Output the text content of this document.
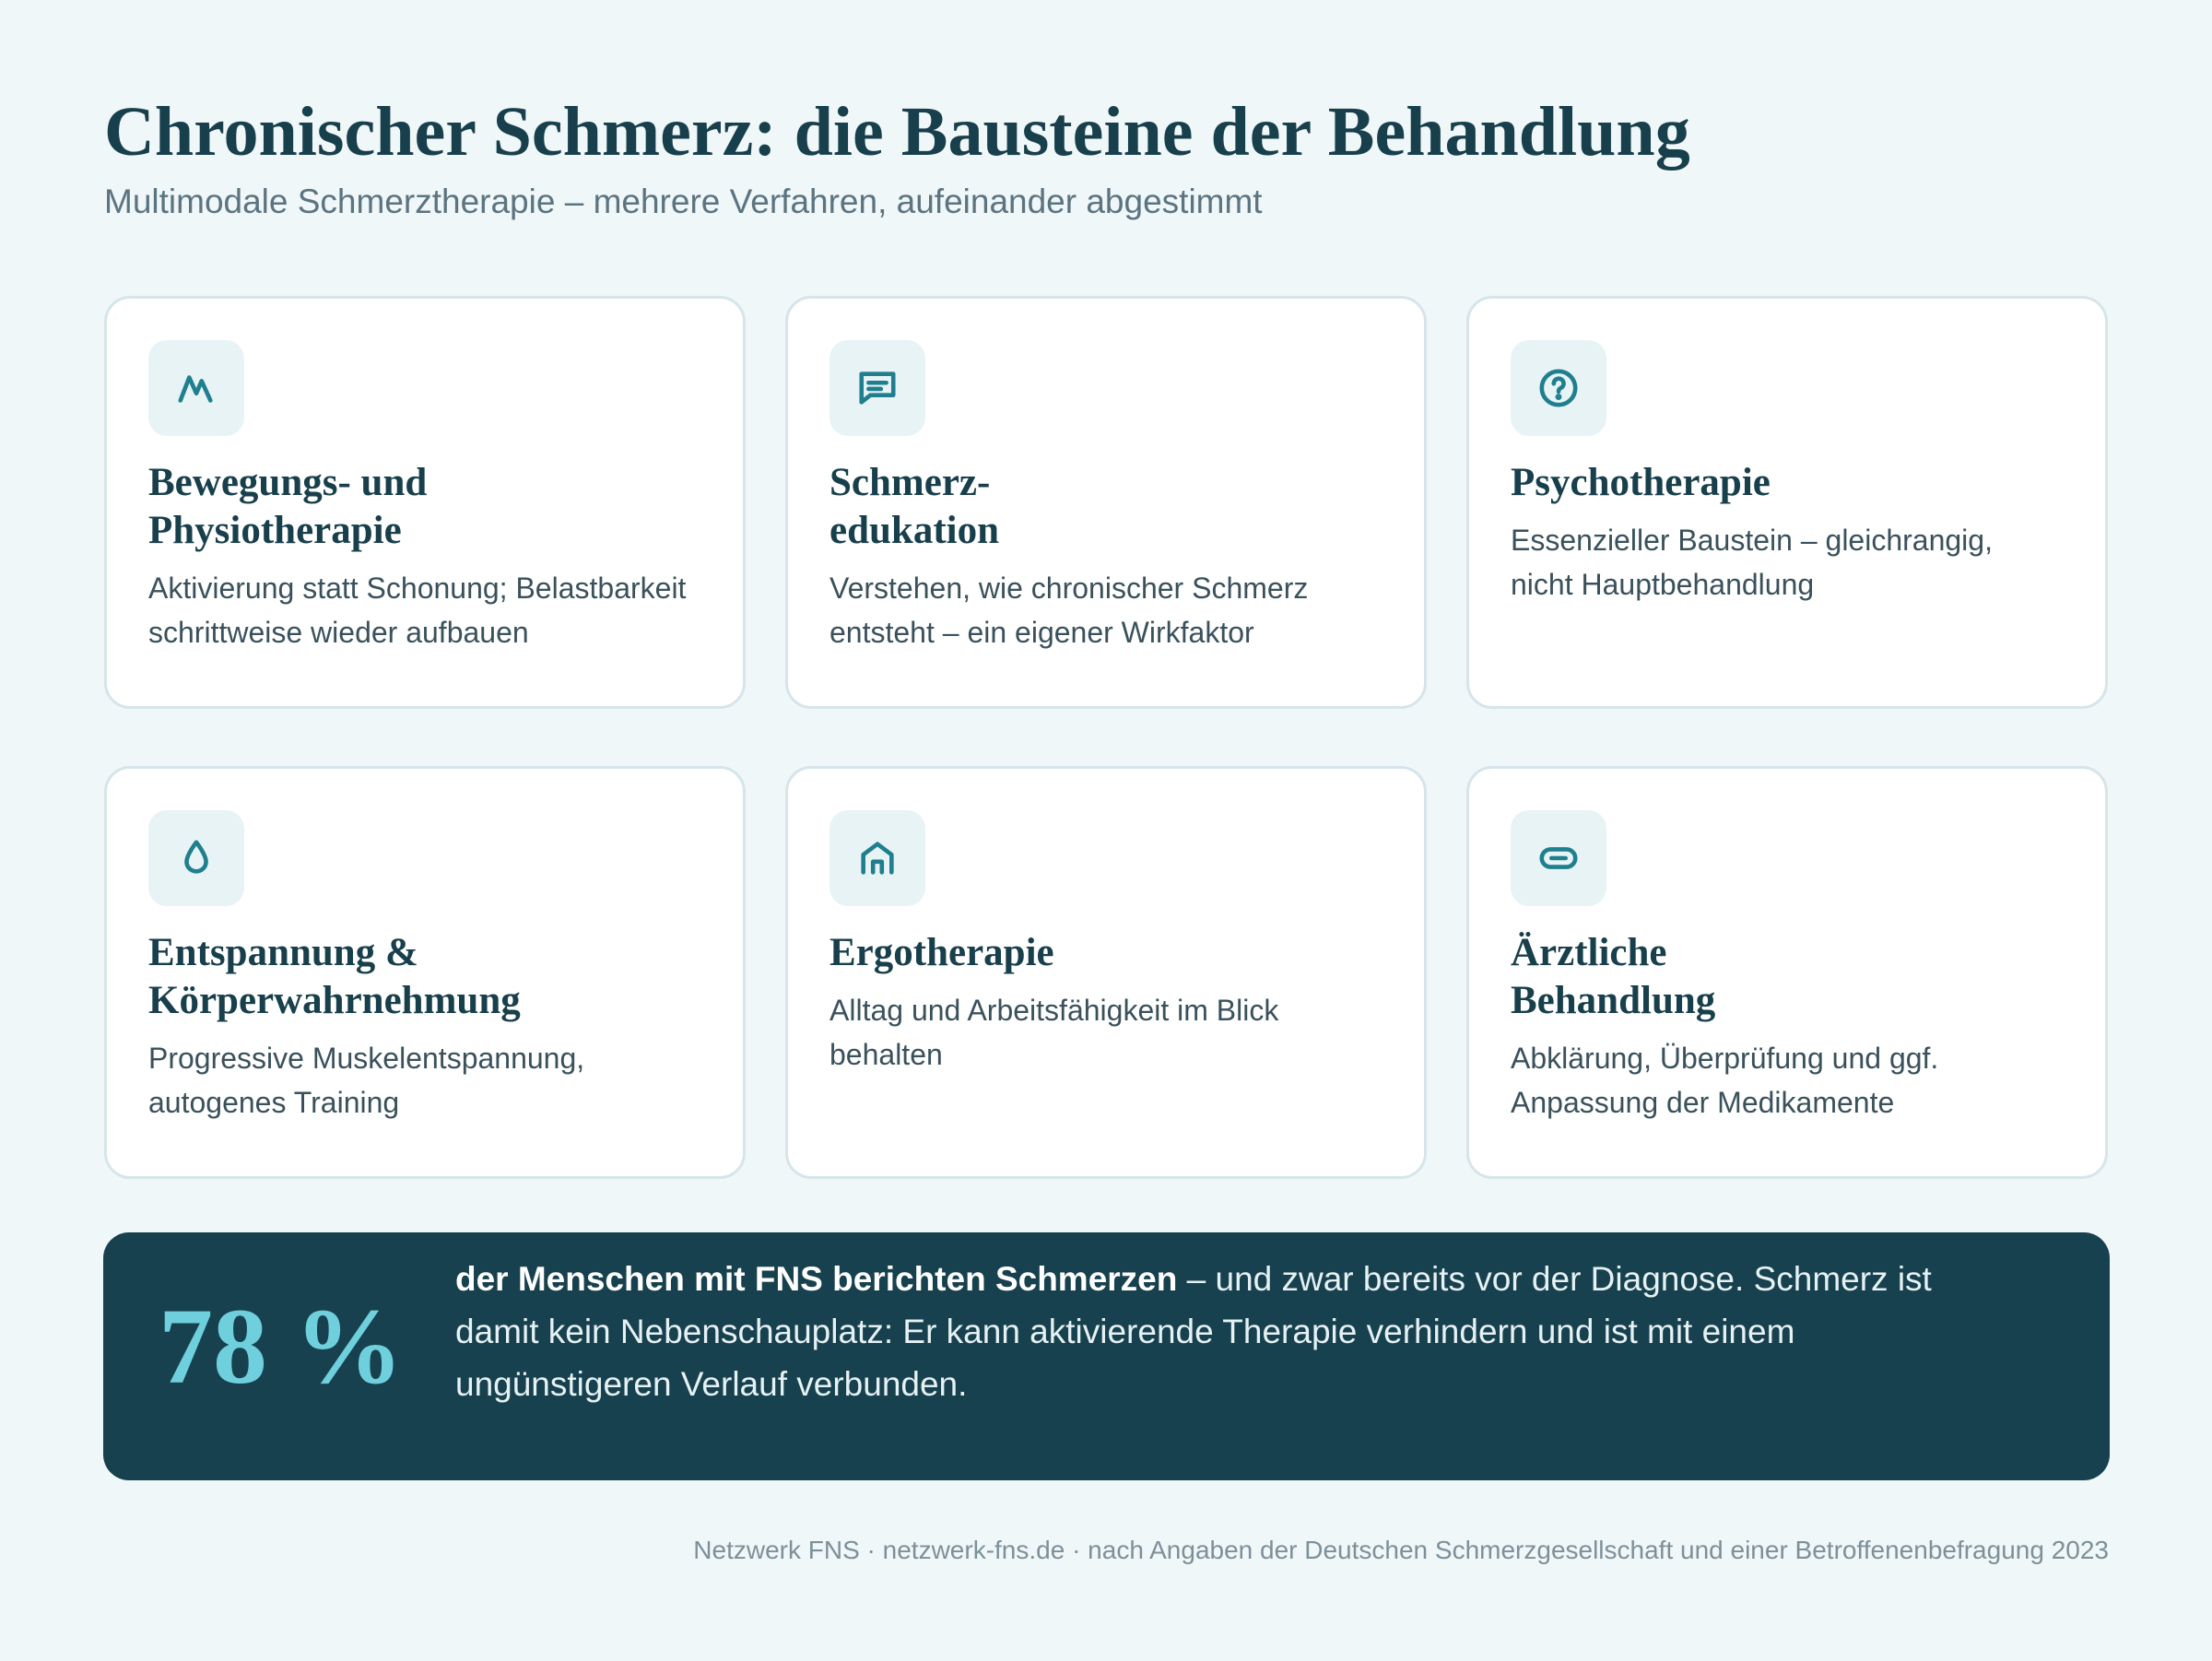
Chronischer Schmerz: die Bausteine der Behandlung
Multimodale Schmerztherapie – mehrere Verfahren, aufeinander abgestimmt
Bewegungs- und
Physiotherapie
Aktivierung statt Schonung; Belastbarkeit
schrittweise wieder aufbauen
Schmerz-
edukation
Verstehen, wie chronischer Schmerz
entsteht – ein eigener Wirkfaktor
Psychotherapie
Essenzieller Baustein – gleichrangig,
nicht Hauptbehandlung
Entspannung &
Körperwahrnehmung
Progressive Muskelentspannung,
autogenes Training
Ergotherapie
Alltag und Arbeitsfähigkeit im Blick
behalten
Ärztliche
Behandlung
Abklärung, Überprüfung und ggf.
Anpassung der Medikamente
78 %
der Menschen mit FNS berichten Schmerzen – und zwar bereits vor der Diagnose. Schmerz ist
damit kein Nebenschauplatz: Er kann aktivierende Therapie verhindern und ist mit einem
ungünstigeren Verlauf verbunden.
Netzwerk FNS · netzwerk-fns.de · nach Angaben der Deutschen Schmerzgesellschaft und einer Betroffenenbefragung 2023
